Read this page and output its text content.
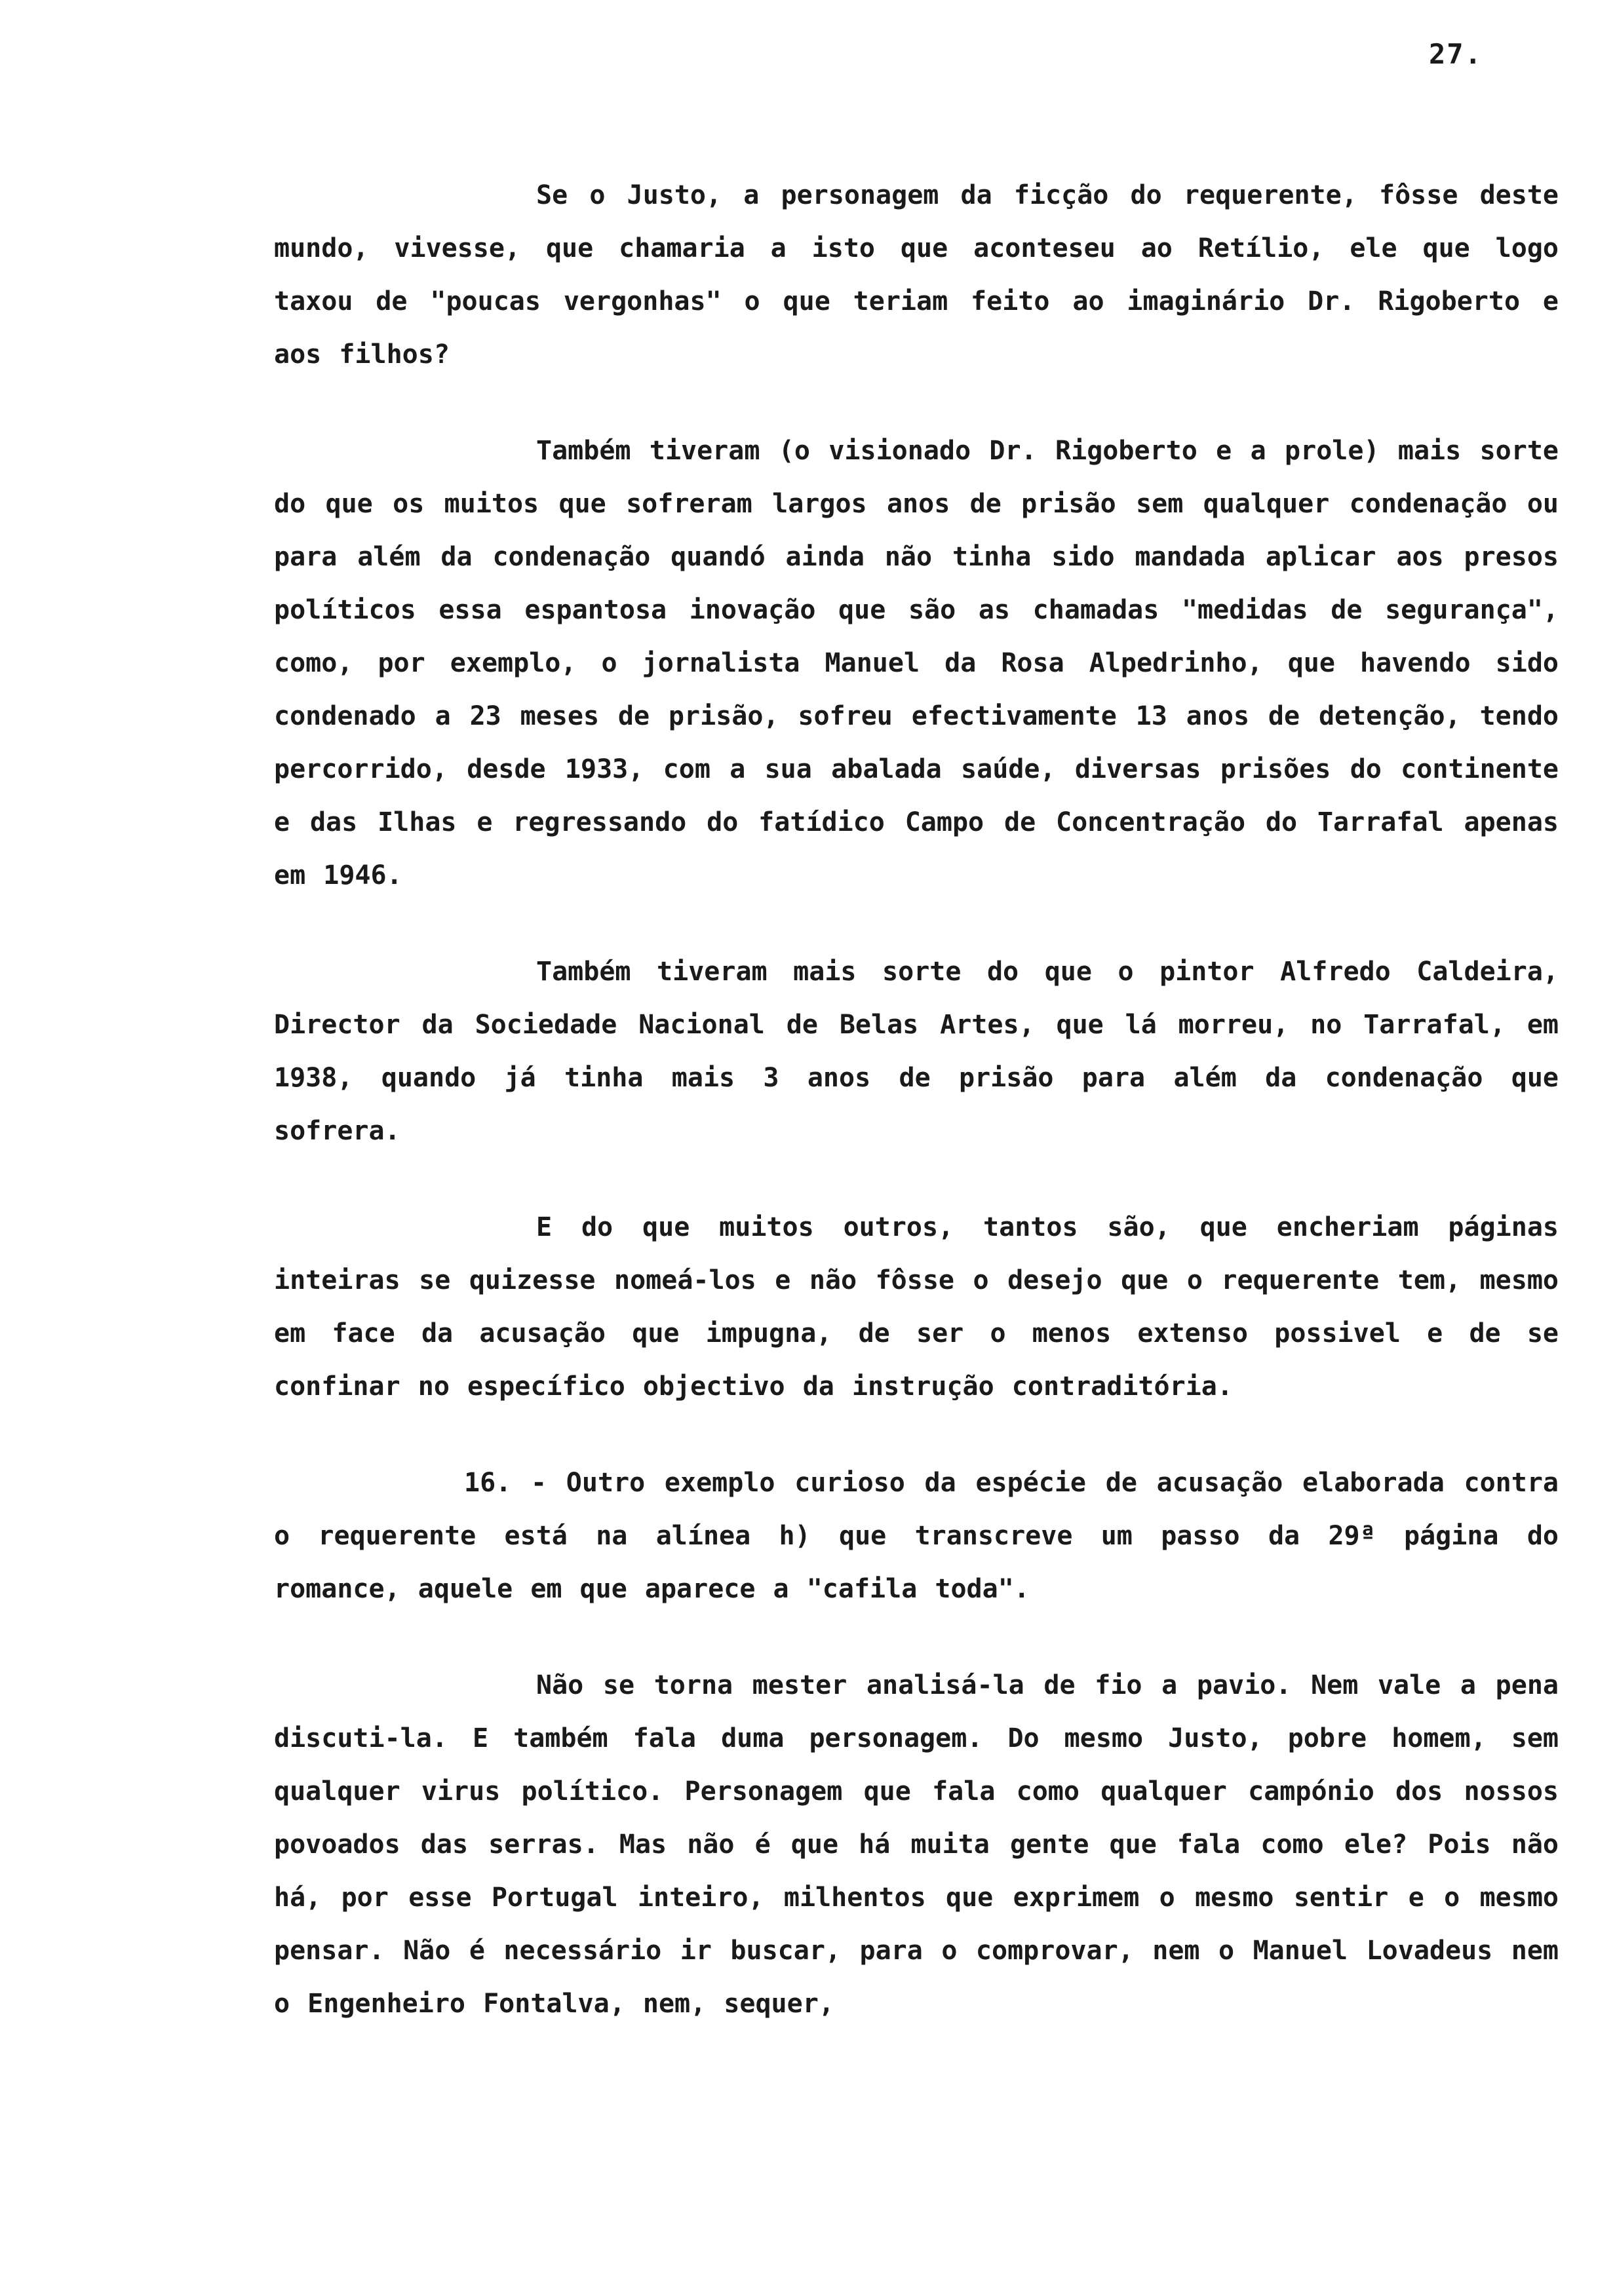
27.

Se o Justo, a personagem da ficção do requerente, fôsse deste mundo, vivesse, que chamaria a isto que aconteseu ao Retílio, ele que logo taxou de "poucas vergonhas" o que teriam feito ao imaginário Dr. Rigoberto e aos filhos?

Também tiveram (o visionado Dr. Rigoberto e a prole) mais sorte do que os muitos que sofreram largos anos de prisão sem qualquer condenação ou para além da condenação quandó ainda não tinha sido mandada aplicar aos presos políticos essa espantosa inovação que são as chamadas "medidas de segurança", como, por exemplo, o jornalista Manuel da Rosa Alpedrinho, que havendo sido condenado a 23 meses de prisão, sofreu efectivamente 13 anos de detenção, tendo percorrido, desde 1933, com a sua abalada saúde, diversas prisões do continente e das Ilhas e regressando do fatídico Campo de Concentração do Tarrafal apenas em 1946.

Também tiveram mais sorte do que o pintor Alfredo Caldeira, Director da Sociedade Nacional de Belas Artes, que lá morreu, no Tarrafal, em 1938, quando já tinha mais 3 anos de prisão para além da condenação que sofrera.

E do que muitos outros, tantos são, que encheriam páginas inteiras se quizesse nomeá-los e não fôsse o desejo que o requerente tem, mesmo em face da acusação que impugna, de ser o menos extenso possivel e de se confinar no específico objectivo da instrução contraditória.

16. - Outro exemplo curioso da espécie de acusação elaborada contra o requerente está na alínea h) que transcreve um passo da 29ª página do romance, aquele em que aparece a "cafila toda".

Não se torna mester analisá-la de fio a pavio. Nem vale a pena discuti-la. E também fala duma personagem. Do mesmo Justo, pobre homem, sem qualquer virus político. Personagem que fala como qualquer campónio dos nossos povoados das serras. Mas não é que há muita gente que fala como ele? Pois não há, por esse Portugal inteiro, milhentos que exprimem o mesmo sentir e o mesmo pensar. Não é necessário ir buscar, para o comprovar, nem o Manuel Lovadeus nem o Engenheiro Fontalva, nem, sequer,
